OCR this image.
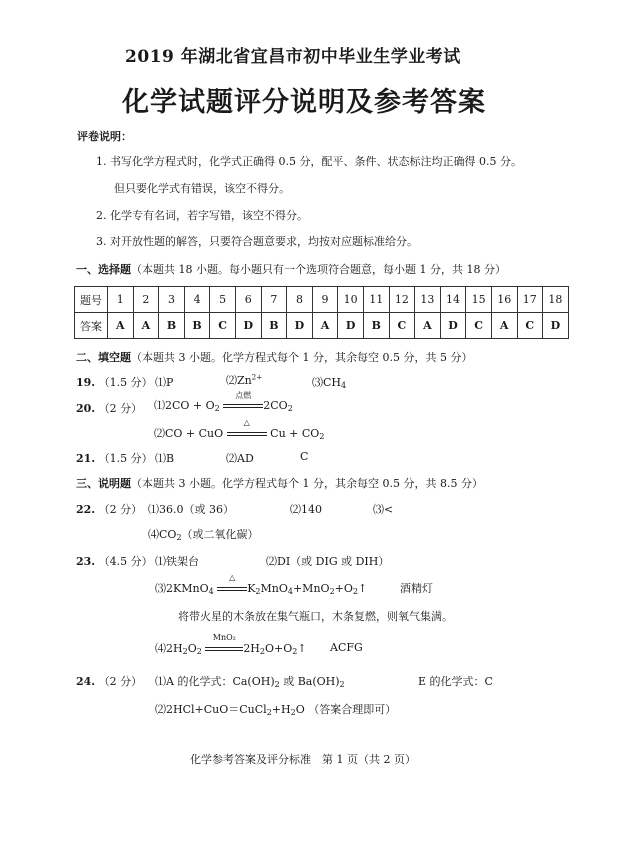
2019 年湖北省宜昌市初中毕业生学业考试
化学试题评分说明及参考答案
评卷说明：
1. 书写化学方程式时，化学式正确得 0.5 分，配平、条件、状态标注均正确得 0.5 分。
但只要化学式有错误，该空不得分。
2. 化学专有名词，若字写错，该空不得分。
3. 对开放性题的解答，只要符合题意要求，均按对应题标准给分。
一、选择题（本题共 18 小题。每小题只有一个选项符合题意，每小题 1 分，共 18 分）
题号	1	2	3	4	5	6	7	8	9	10	11	12	13	14	15	16	17	18
答案	A	A	B	B	C	D	B	D	A	D	B	C	A	D	C	A	C	D
二、填空题（本题共 3 小题。化学方程式每个 1 分，其余每空 0.5 分，共 5 分）
19. （1.5 分） ⑴P	$⑵Zn^{2+}$	$⑶CH_4$
20. （2 分） ⑴2CO + $O_2$
点燃
$2CO_2$
⑵CO + CuO
△
$Cu + CO_2$
21. （1.5 分） ⑴B	⑵AD	C
三、说明题（本题共 3 小题。化学方程式每个 1 分，其余每空 0.5 分，共 8.5 分）
22. （2 分） ⑴36.0（或 36）	⑵140	⑶<
$⑷CO_2$（或二氧化碳）
23. （4.5 分） ⑴铁架台	⑵DI（或 DIG 或 DIH）
⑶2KMnO$_4$
△
$K_2MnO_4+MnO_2+O_2↑$	酒精灯
将带火星的木条放在集气瓶口，木条复燃，则氧气集满。
$⑷2H_2O_2$
MnO₂
$2H_2O+O_2↑$ ACFG
24. （2 分） ⑴A 的化学式：$Ca(OH)_2$ 或 $Ba(OH)_2$	E 的化学式：C
$⑵2HCl+CuO=CuCl_2+H_2O$ （答案合理即可）
化学参考答案及评分标准　第 1 页（共 2 页）
